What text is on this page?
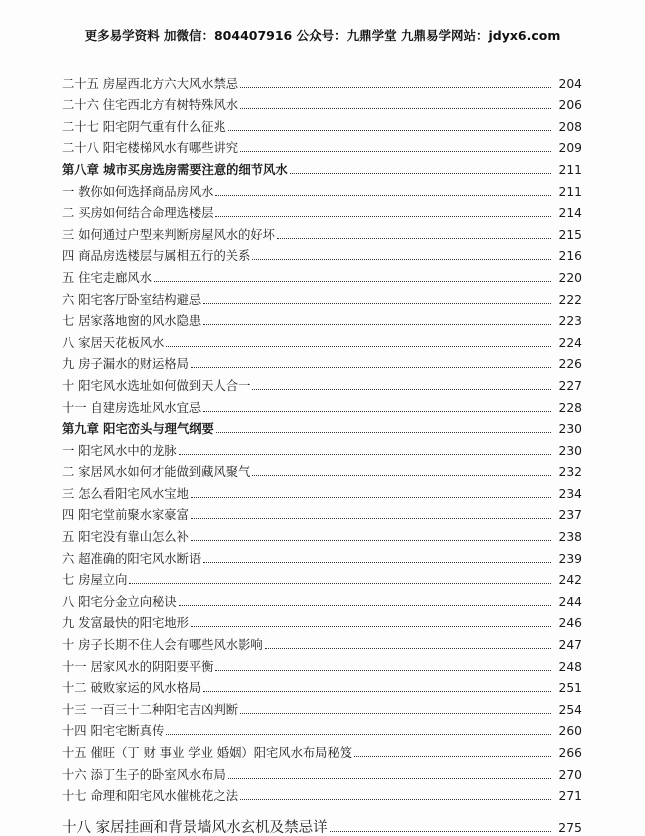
更多易学资料 加微信：804407916 公众号：九鼎学堂 九鼎易学网站：jdyx6.com
二十五 房屋西北方六大风水禁忌	204
二十六 住宅西北方有树特殊风水	206
二十七 阳宅阴气重有什么征兆	208
二十八 阳宅楼梯风水有哪些讲究	209
第八章 城市买房选房需要注意的细节风水	211
一 教你如何选择商品房风水	211
二 买房如何结合命理选楼层	214
三 如何通过户型来判断房屋风水的好坏	215
四 商品房选楼层与属相五行的关系	216
五 住宅走廊风水	220
六 阳宅客厅卧室结构避忌	222
七 居家落地窗的风水隐患	223
八 家居天花板风水	224
九 房子漏水的财运格局	226
十 阳宅风水选址如何做到天人合一	227
十一 自建房选址风水宜忌	228
第九章 阳宅峦头与理气纲要	230
一 阳宅风水中的龙脉	230
二 家居风水如何才能做到藏风聚气	232
三 怎么看阳宅风水宝地	234
四 阳宅堂前聚水家豪富	237
五 阳宅没有靠山怎么补	238
六 超准确的阳宅风水断语	239
七 房屋立向	242
八 阳宅分金立向秘诀	244
九 发富最快的阳宅地形	246
十 房子长期不住人会有哪些风水影响	247
十一 居家风水的阴阳要平衡	248
十二 破败家运的风水格局	251
十三 一百三十二种阳宅吉凶判断	254
十四 阳宅宅断真传	260
十五 催旺（丁 财 事业 学业 婚姻）阳宅风水布局秘笈	266
十六 添丁生子的卧室风水布局	270
十七 命理和阳宅风水催桃花之法	271
十八 家居挂画和背景墙风水玄机及禁忌详	275
